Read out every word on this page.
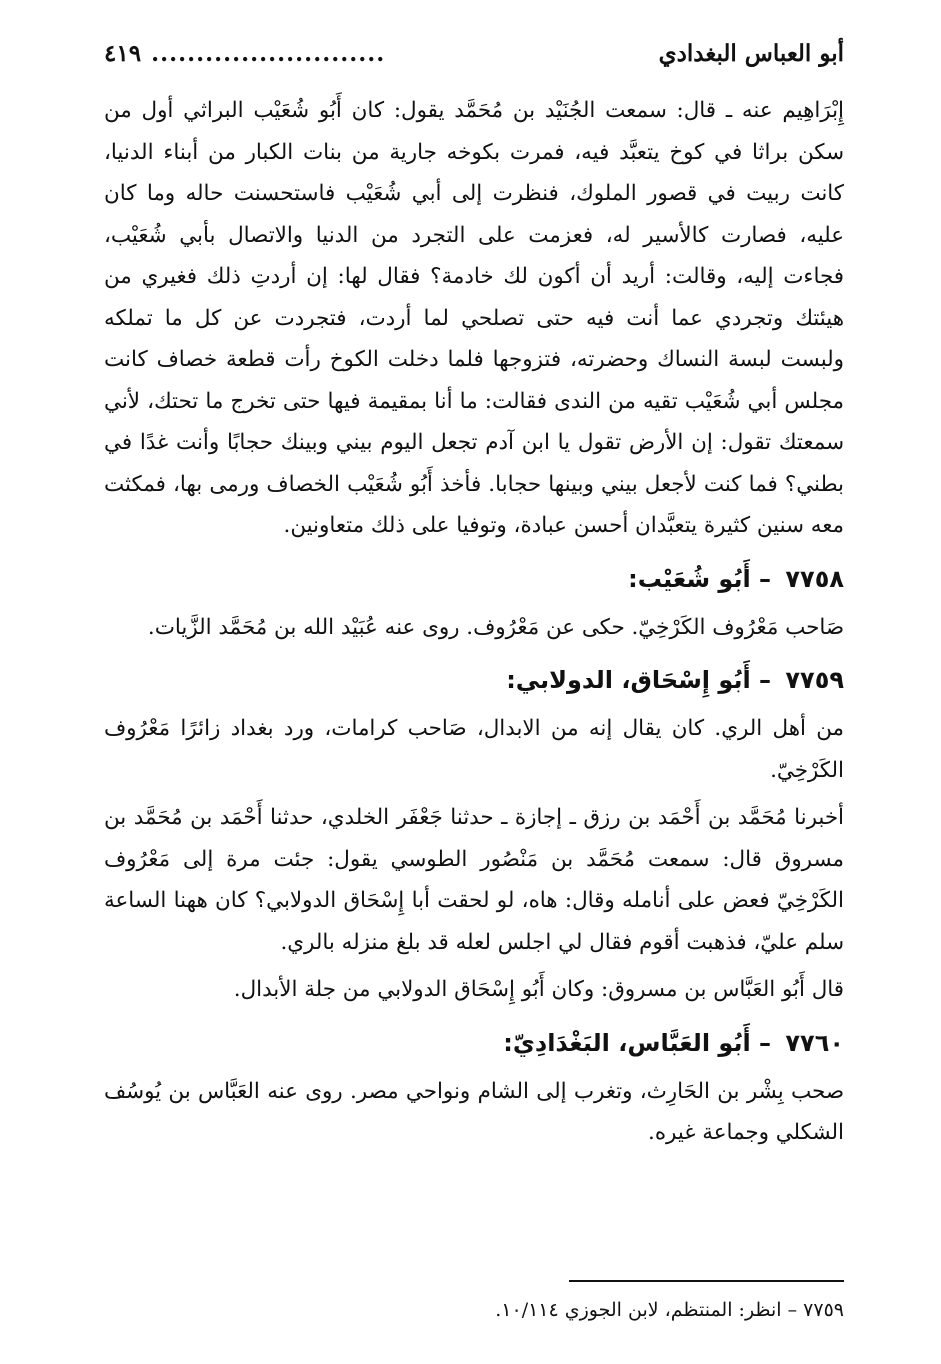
أبو العباس البغدادي
..........................
٤١٩

إِبْرَاهِيم عنه ـ قال: سمعت الجُنَيْد بن مُحَمَّد يقول: كان أَبُو شُعَيْب البراثي أول من سكن براثا في كوخ يتعبَّد فيه، فمرت بكوخه جارية من بنات الكبار من أبناء الدنيا، كانت ربيت في قصور الملوك، فنظرت إلى أبي شُعَيْب فاستحسنت حاله وما كان عليه، فصارت كالأسير له، فعزمت على التجرد من الدنيا والاتصال بأبي شُعَيْب، فجاءت إليه، وقالت: أريد أن أكون لك خادمة؟ فقال لها: إن أردتِ ذلك فغيري من هيئتك وتجردي عما أنت فيه حتى تصلحي لما أردت، فتجردت عن كل ما تملكه ولبست لبسة النساك وحضرته، فتزوجها فلما دخلت الكوخ رأت قطعة خصاف كانت مجلس أبي شُعَيْب تقيه من الندى فقالت: ما أنا بمقيمة فيها حتى تخرج ما تحتك، لأني سمعتك تقول: إن الأرض تقول يا ابن آدم تجعل اليوم بيني وبينك حجابًا وأنت غدًا في بطني؟ فما كنت لأجعل بيني وبينها حجابا. فأخذ أَبُو شُعَيْب الخصاف ورمى بها، فمكثت معه سنين كثيرة يتعبَّدان أحسن عبادة، وتوفيا على ذلك متعاونين.

٧٧٥٨ – أَبُو شُعَيْب:

صَاحب مَعْرُوف الكَرْخِيّ. حكى عن مَعْرُوف. روى عنه عُبَيْد الله بن مُحَمَّد الزَّيات.

٧٧٥٩ – أَبُو إِسْحَاق، الدولابي:

من أهل الري. كان يقال إنه من الابدال، صَاحب كرامات، ورد بغداد زائرًا مَعْرُوف الكَرْخِيّ.

أخبرنا مُحَمَّد بن أَحْمَد بن رزق ـ إجازة ـ حدثنا جَعْفَر الخلدي، حدثنا أَحْمَد بن مُحَمَّد بن مسروق قال: سمعت مُحَمَّد بن مَنْصُور الطوسي يقول: جئت مرة إلى مَعْرُوف الكَرْخِيّ فعض على أنامله وقال: هاه، لو لحقت أبا إِسْحَاق الدولابي؟ كان ههنا الساعة سلم عليّ، فذهبت أقوم فقال لي اجلس لعله قد بلغ منزله بالري.

قال أَبُو العَبَّاس بن مسروق: وكان أَبُو إِسْحَاق الدولابي من جلة الأبدال.

٧٧٦٠ – أَبُو العَبَّاس، البَغْدَادِيّ:

صحب بِشْر بن الحَارِث، وتغرب إلى الشام ونواحي مصر. روى عنه العَبَّاس بن يُوسُف الشكلي وجماعة غيره.

٧٧٥٩ – انظر: المنتظم، لابن الجوزي ١٠/١١٤.
